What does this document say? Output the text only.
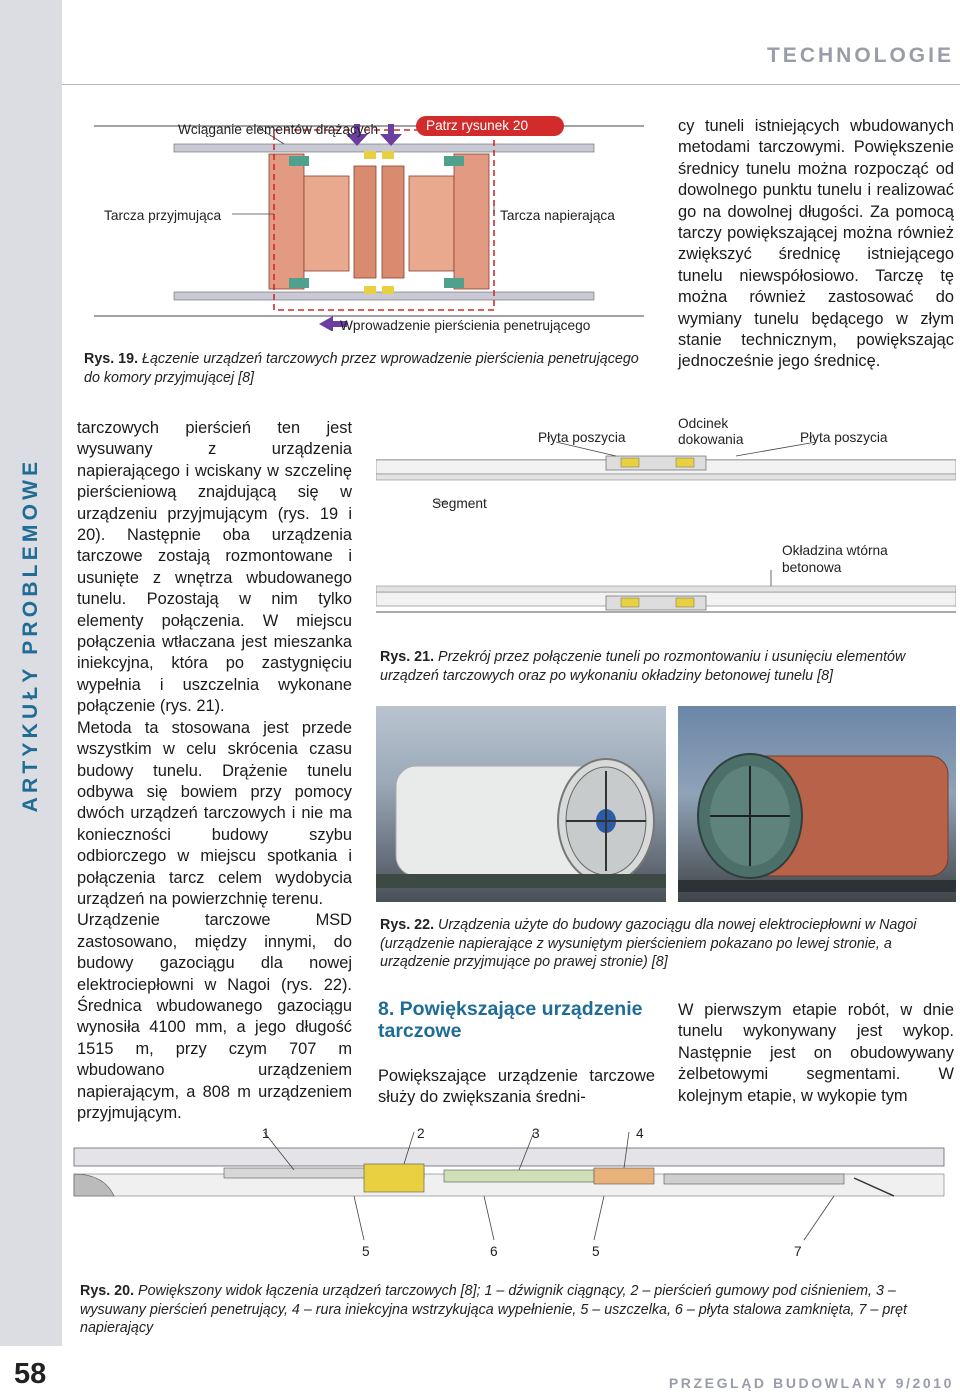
ARTYKUŁY PROBLEMOWE
58
TECHNOLOGIE
PRZEGLĄD BUDOWLANY 9/2010
Patrz rysunek 20
Wciąganie elementów drążących
Tarcza przyjmująca	Tarcza napierająca
Wprowadzenie pierścienia penetrującego
Rys. 19. Łączenie urządzeń tarczowych przez wprowadzenie pierścienia penetrującego do komory przyjmującej [8]
cy tuneli istniejących wbudowanych metodami tarczowymi. Powiększenie średnicy tunelu można rozpocząć od dowolnego punktu tunelu i realizować go na dowolnej długości. Za pomocą tarczy powiększającej można również zwiększyć średnicę istniejącego tunelu niewspółosiowo. Tarczę tę można również zastosować do wymiany tunelu będącego w złym stanie technicznym, powiększając jednocześnie jego średnicę.
tarczowych pierścień ten jest wysuwany z urządzenia napierającego i wciskany w szczelinę pierścieniową znajdującą się w urządzeniu przyjmującym (rys. 19 i 20). Następnie oba urządzenia tarczowe zostają rozmontowane i usunięte z wnętrza wbudowanego tunelu. Pozostają w nim tylko elementy połączenia. W miejscu połączenia wtłaczana jest mieszanka iniekcyjna, która po zastygnięciu wypełnia i uszczelnia wykonane połączenie (rys. 21).
Metoda ta stosowana jest przede wszystkim w celu skrócenia czasu budowy tunelu. Drążenie tunelu odbywa się bowiem przy pomocy dwóch urządzeń tarczowych i nie ma konieczności budowy szybu odbiorczego w miejscu spotkania i połączenia tarcz celem wydobycia urządzeń na powierzchnię terenu.
Urządzenie tarczowe MSD zastosowano, między innymi, do budowy gazociągu dla nowej elektrociepłowni w Nagoi (rys. 22). Średnica wbudowanego gazociągu wynosiła 4100 mm, a jego długość 1515 m, przy czym 707 m wbudowano urządzeniem napierającym, a 808 m urządzeniem przyjmującym.
Płyta poszycia
Odcinek dokowania	Płyta poszycia
Segment
Okładzina wtórna betonowa
Rys. 21. Przekrój przez połączenie tuneli po rozmontowaniu i usunięciu elementów urządzeń tarczowych oraz po wykonaniu okładziny betonowej tunelu [8]
Rys. 22. Urządzenia użyte do budowy gazociągu dla nowej elektrociepłowni w Nagoi (urządzenie napierające z wysuniętym pierścieniem pokazano po lewej stronie, a urządzenie przyjmujące po prawej stronie) [8]
8. Powiększające urządzenie tarczowe
Powiększające urządzenie tarczowe służy do zwiększania średni-
W pierwszym etapie robót, w dnie tunelu wykonywany jest wykop. Następnie jest on obudowywany żelbetowymi segmentami. W kolejnym etapie, w wykopie tym
1	2	3	4
5	6	5	7
Rys. 20. Powiększony widok łączenia urządzeń tarczowych [8]; 1 – dźwignik ciągnący, 2 – pierścień gumowy pod ciśnieniem, 3 – wysuwany pierścień penetrujący, 4 – rura iniekcyjna wstrzykująca wypełnienie, 5 – uszczelka, 6 – płyta stalowa zamknięta, 7 – pręt napierający
